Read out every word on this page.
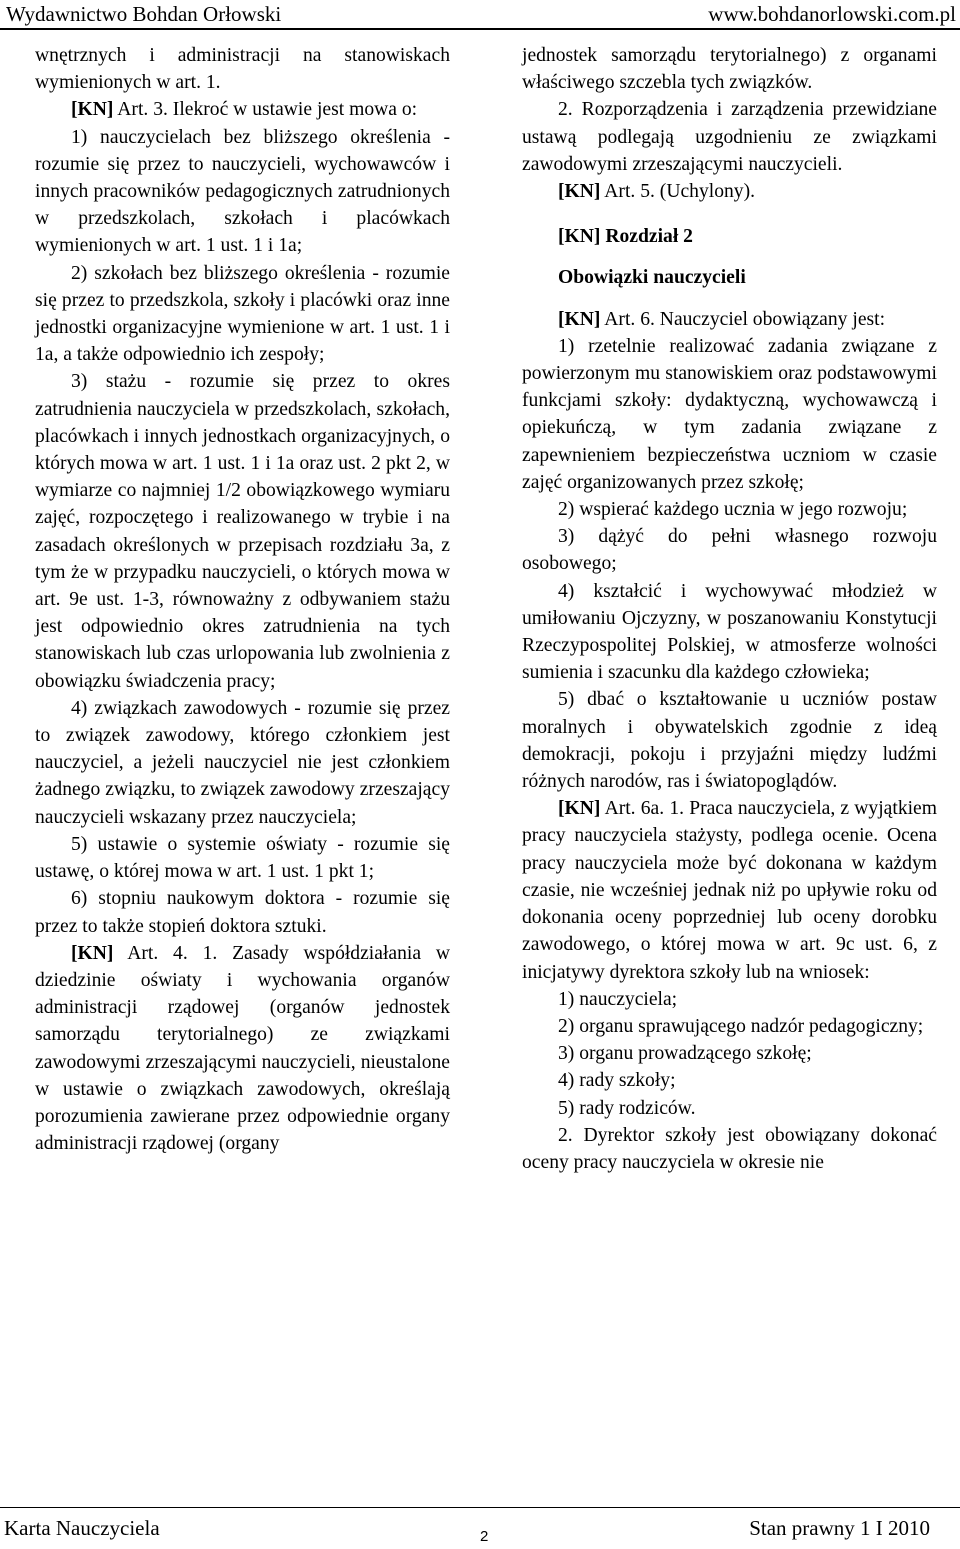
Wydawnictwo Bohdan Orłowski	www.bohdanorlowski.com.pl

wnętrznych i administracji na stanowiskach wymienionych w art. 1.

[KN] Art. 3. Ilekroć w ustawie jest mowa o:

1) nauczycielach bez bliższego określenia - rozumie się przez to nauczycieli, wychowawców i innych pracowników pedagogicznych zatrudnionych w przedszkolach, szkołach i placówkach wymienionych w art. 1 ust. 1 i 1a;

2) szkołach bez bliższego określenia - rozumie się przez to przedszkola, szkoły i placówki oraz inne jednostki organizacyjne wymienione w art. 1 ust. 1 i 1a, a także odpowiednio ich zespoły;

3) stażu - rozumie się przez to okres zatrudnienia nauczyciela w przedszkolach, szkołach, placówkach i innych jednostkach organizacyjnych, o których mowa w art. 1 ust. 1 i 1a oraz ust. 2 pkt 2, w wymiarze co najmniej 1/2 obowiązkowego wymiaru zajęć, rozpoczętego i realizowanego w trybie i na zasadach określonych w przepisach rozdziału 3a, z tym że w przypadku nauczycieli, o których mowa w art. 9e ust. 1-3, równoważny z odbywaniem stażu jest odpowiednio okres zatrudnienia na tych stanowiskach lub czas urlopowania lub zwolnienia z obowiązku świadczenia pracy;

4) związkach zawodowych - rozumie się przez to związek zawodowy, którego członkiem jest nauczyciel, a jeżeli nauczyciel nie jest członkiem żadnego związku, to związek zawodowy zrzeszający nauczycieli wskazany przez nauczyciela;

5) ustawie o systemie oświaty - rozumie się ustawę, o której mowa w art. 1 ust. 1 pkt 1;

6) stopniu naukowym doktora - rozumie się przez to także stopień doktora sztuki.

[KN] Art. 4. 1. Zasady współdziałania w dziedzinie oświaty i wychowania organów administracji rządowej (organów jednostek samorządu terytorialnego) ze związkami zawodowymi zrzeszającymi nauczycieli, nieustalone w ustawie o związkach zawodowych, określają porozumienia zawierane przez odpowiednie organy administracji rządowej (organy

jednostek samorządu terytorialnego) z organami właściwego szczebla tych związków.

2. Rozporządzenia i zarządzenia przewidziane ustawą podlegają uzgodnieniu ze związkami zawodowymi zrzeszającymi nauczycieli.

[KN] Art. 5. (Uchylony).

[KN] Rozdział 2

Obowiązki nauczycieli

[KN] Art. 6. Nauczyciel obowiązany jest:

1) rzetelnie realizować zadania związane z powierzonym mu stanowiskiem oraz podstawowymi funkcjami szkoły: dydaktyczną, wychowawczą i opiekuńczą, w tym zadania związane z zapewnieniem bezpieczeństwa uczniom w czasie zajęć organizowanych przez szkołę;

2) wspierać każdego ucznia w jego rozwoju;

3) dążyć do pełni własnego rozwoju osobowego;

4) kształcić i wychowywać młodzież w umiłowaniu Ojczyzny, w poszanowaniu Konstytucji Rzeczypospolitej Polskiej, w atmosferze wolności sumienia i szacunku dla każdego człowieka;

5) dbać o kształtowanie u uczniów postaw moralnych i obywatelskich zgodnie z ideą demokracji, pokoju i przyjaźni między ludźmi różnych narodów, ras i światopoglądów.

[KN] Art. 6a. 1. Praca nauczyciela, z wyjątkiem pracy nauczyciela stażysty, podlega ocenie. Ocena pracy nauczyciela może być dokonana w każdym czasie, nie wcześniej jednak niż po upływie roku od dokonania oceny poprzedniej lub oceny dorobku zawodowego, o której mowa w art. 9c ust. 6, z inicjatywy dyrektora szkoły lub na wniosek:

1) nauczyciela;

2) organu sprawującego nadzór pedagogiczny;

3) organu prowadzącego szkołę;

4) rady szkoły;

5) rady rodziców.

2. Dyrektor szkoły jest obowiązany dokonać oceny pracy nauczyciela w okresie nie

Karta Nauczyciela	2	Stan prawny 1 I 2010
